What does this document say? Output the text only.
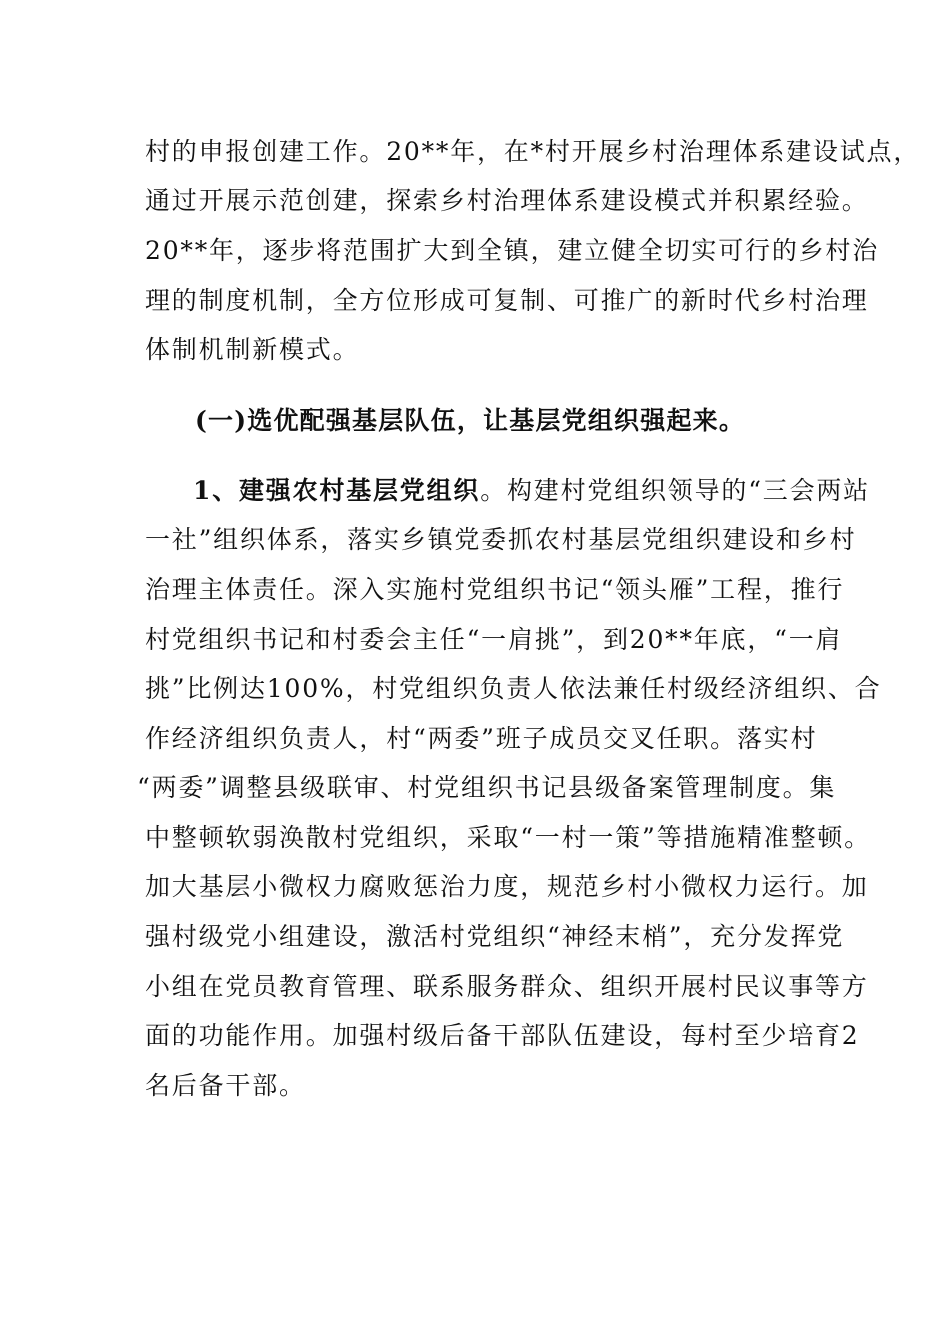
村的申报创建工作。20**年，在*村开展乡村治理体系建设试点，
通过开展示范创建，探索乡村治理体系建设模式并积累经验。
20**年，逐步将范围扩大到全镇，建立健全切实可行的乡村治
理的制度机制，全方位形成可复制、可推广的新时代乡村治理
体制机制新模式。
(一)选优配强基层队伍，让基层党组织强起来。
1、建强农村基层党组织。构建村党组织领导的“三会两站
一社”组织体系，落实乡镇党委抓农村基层党组织建设和乡村
治理主体责任。深入实施村党组织书记“领头雁”工程，推行
村党组织书记和村委会主任“一肩挑”，到20**年底，“一肩
挑”比例达100%，村党组织负责人依法兼任村级经济组织、合
作经济组织负责人，村“两委”班子成员交叉任职。落实村
“两委”调整县级联审、村党组织书记县级备案管理制度。集
中整顿软弱涣散村党组织，采取“一村一策”等措施精准整顿。
加大基层小微权力腐败惩治力度，规范乡村小微权力运行。加
强村级党小组建设，激活村党组织“神经末梢”，充分发挥党
小组在党员教育管理、联系服务群众、组织开展村民议事等方
面的功能作用。加强村级后备干部队伍建设，每村至少培育2
名后备干部。
